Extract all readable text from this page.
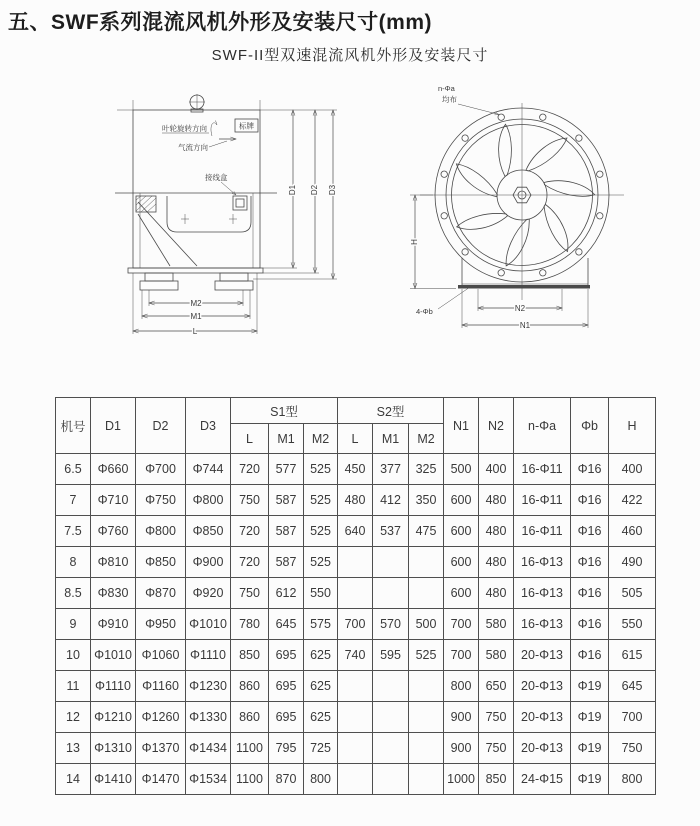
五、SWF系列混流风机外形及安装尺寸(mm)
SWF-II型双速混流风机外形及安装尺寸
叶轮旋转方向	标牌
气流方向
接线盒
D1 D2 D3
M2
M1
L
n-Φa
均布
4-Φb
H
N2
N1
机号	D1	D2	D3	S1型			S2型			N1	N2	n-Φa	Φb	H
				L	M1	M2	L	M1	M2					
6.5	Φ660	Φ700	Φ744	720	577	525	450	377	325	500	400	16-Φ11	Φ16	400
7	Φ710	Φ750	Φ800	750	587	525	480	412	350	600	480	16-Φ11	Φ16	422
7.5	Φ760	Φ800	Φ850	720	587	525	640	537	475	600	480	16-Φ11	Φ16	460
8	Φ810	Φ850	Φ900	720	587	525				600	480	16-Φ13	Φ16	490
8.5	Φ830	Φ870	Φ920	750	612	550				600	480	16-Φ13	Φ16	505
9	Φ910	Φ950	Φ1010	780	645	575	700	570	500	700	580	16-Φ13	Φ16	550
10	Φ1010	Φ1060	Φ1110	850	695	625	740	595	525	700	580	20-Φ13	Φ16	615
11	Φ1110	Φ1160	Φ1230	860	695	625				800	650	20-Φ13	Φ19	645
12	Φ1210	Φ1260	Φ1330	860	695	625				900	750	20-Φ13	Φ19	700
13	Φ1310	Φ1370	Φ1434	1100	795	725				900	750	20-Φ13	Φ19	750
14	Φ1410	Φ1470	Φ1534	1100	870	800				1000	850	24-Φ15	Φ19	800
